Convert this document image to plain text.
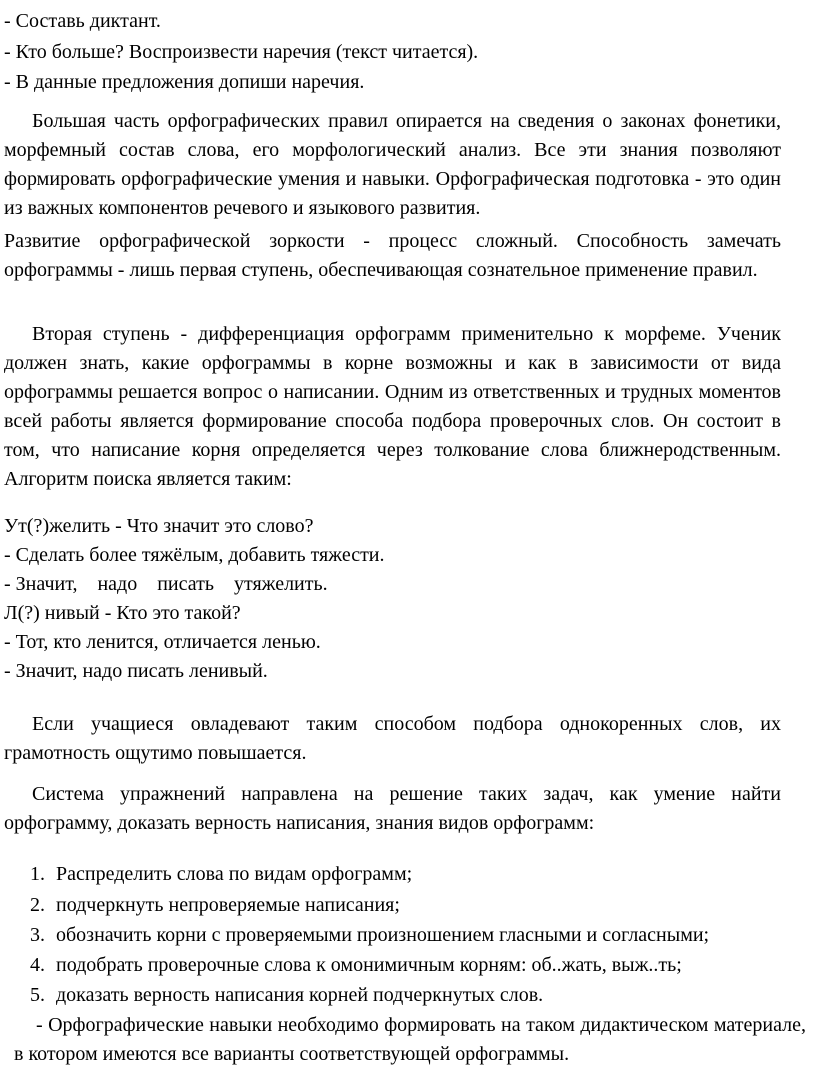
- Составь диктант.
- Кто больше? Воспроизвести наречия (текст читается).
- В данные предложения допиши наречия.
Большая часть орфографических правил опирается на сведения о законах фонетики, морфемный состав слова, его морфологический анализ. Все эти знания позволяют формировать орфографические умения и навыки. Орфографическая подготовка - это один из важных компонентов речевого и языкового развития.
Развитие орфографической зоркости - процесс сложный. Способность замечать орфограммы - лишь первая ступень, обеспечивающая сознательное применение правил.
Вторая ступень - дифференциация орфограмм применительно к морфеме. Ученик должен знать, какие орфограммы в корне возможны и как в зависимости от вида орфограммы решается вопрос о написании. Одним из ответственных и трудных моментов всей работы является формирование способа подбора проверочных слов. Он состоит в том, что написание корня определяется через толкование слова ближнеродственным. Алгоритм поиска является таким:
Ут(?)желить - Что значит это слово?
- Сделать более тяжёлым, добавить тяжести.
- Значит,    надо    писать    утяжелить.
Л(?) нивый - Кто это такой?
- Тот, кто ленится, отличается ленью.
- Значит, надо писать ленивый.
Если учащиеся овладевают таким способом подбора однокоренных слов, их грамотность ощутимо повышается.
Система упражнений направлена на решение таких задач, как умение найти орфограмму, доказать верность написания, знания видов орфограмм:
1. Распределить слова по видам орфограмм;
2. подчеркнуть непроверяемые написания;
3. обозначить корни с проверяемыми произношением гласными и согласными;
4. подобрать проверочные слова к омонимичным корням: об..жать, выж..ть;
5. доказать верность написания корней подчеркнутых слов.
- Орфографические навыки необходимо формировать на таком дидактическом материале, в котором имеются все варианты соответствующей орфограммы.
